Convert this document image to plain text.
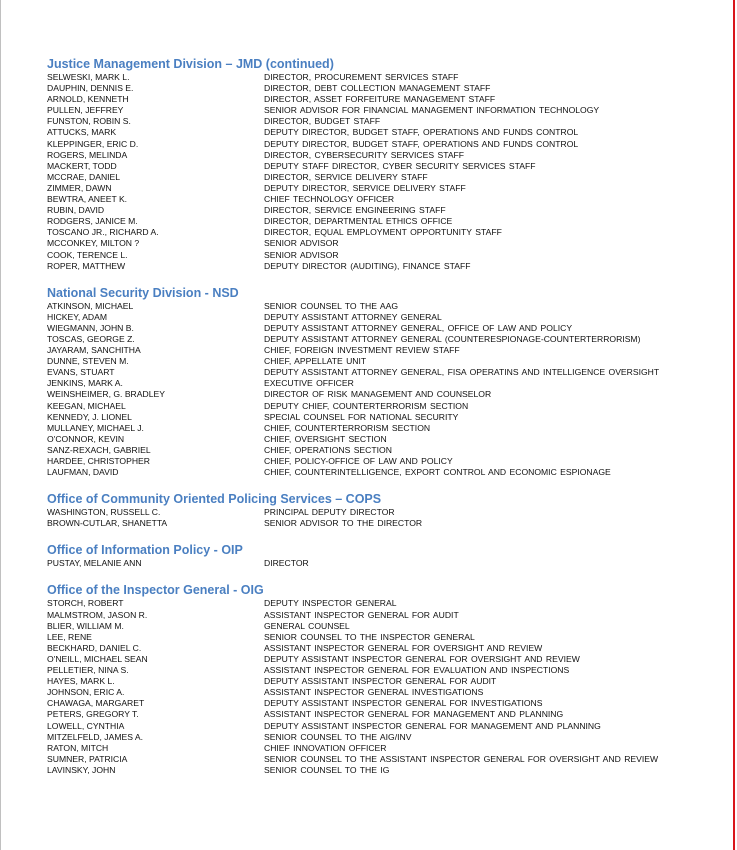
Justice Management Division – JMD (continued)
SELWESKI, MARK L.	DIRECTOR, PROCUREMENT SERVICES STAFF
DAUPHIN, DENNIS E.	DIRECTOR, DEBT COLLECTION MANAGEMENT STAFF
ARNOLD, KENNETH	DIRECTOR, ASSET FORFEITURE MANAGEMENT STAFF
PULLEN, JEFFREY	SENIOR ADVISOR FOR FINANCIAL MANAGEMENT INFORMATION TECHNOLOGY
FUNSTON, ROBIN S.	DIRECTOR, BUDGET STAFF
ATTUCKS, MARK	DEPUTY DIRECTOR, BUDGET STAFF, OPERATIONS AND FUNDS CONTROL
KLEPPINGER, ERIC D.	DEPUTY DIRECTOR, BUDGET STAFF, OPERATIONS AND FUNDS CONTROL
ROGERS, MELINDA	DIRECTOR, CYBERSECURITY SERVICES STAFF
MACKERT, TODD	DEPUTY STAFF DIRECTOR, CYBER SECURITY SERVICES STAFF
MCCRAE, DANIEL	DIRECTOR, SERVICE DELIVERY STAFF
ZIMMER, DAWN	DEPUTY DIRECTOR, SERVICE DELIVERY STAFF
BEWTRA, ANEET K.	CHIEF TECHNOLOGY OFFICER
RUBIN, DAVID	DIRECTOR, SERVICE ENGINEERING STAFF
RODGERS, JANICE M.	DIRECTOR, DEPARTMENTAL ETHICS OFFICE
TOSCANO JR., RICHARD A.	DIRECTOR, EQUAL EMPLOYMENT OPPORTUNITY STAFF
MCCONKEY, MILTON ?	SENIOR ADVISOR
COOK, TERENCE L.	SENIOR ADVISOR
ROPER, MATTHEW	DEPUTY DIRECTOR (AUDITING), FINANCE STAFF
National Security Division - NSD
ATKINSON, MICHAEL	SENIOR COUNSEL TO THE AAG
HICKEY, ADAM	DEPUTY ASSISTANT ATTORNEY GENERAL
WIEGMANN, JOHN B.	DEPUTY ASSISTANT ATTORNEY GENERAL, OFFICE OF LAW AND POLICY
TOSCAS, GEORGE Z.	DEPUTY ASSISTANT ATTORNEY GENERAL (COUNTERESPIONAGE-COUNTERTERRORISM)
JAYARAM, SANCHITHA	CHIEF, FOREIGN INVESTMENT REVIEW STAFF
DUNNE, STEVEN M.	CHIEF, APPELLATE UNIT
EVANS, STUART	DEPUTY ASSISTANT ATTORNEY GENERAL, FISA OPERATINS AND INTELLIGENCE OVERSIGHT
JENKINS, MARK A.	EXECUTIVE OFFICER
WEINSHEIMER, G. BRADLEY	DIRECTOR OF RISK MANAGEMENT AND COUNSELOR
KEEGAN, MICHAEL	DEPUTY CHIEF, COUNTERTERRORISM SECTION
KENNEDY, J. LIONEL	SPECIAL COUNSEL FOR NATIONAL SECURITY
MULLANEY, MICHAEL J.	CHIEF, COUNTERTERRORISM SECTION
O'CONNOR, KEVIN	CHIEF, OVERSIGHT SECTION
SANZ-REXACH, GABRIEL	CHIEF, OPERATIONS SECTION
HARDEE, CHRISTOPHER	CHIEF, POLICY-OFFICE OF LAW AND POLICY
LAUFMAN, DAVID	CHIEF, COUNTERINTELLIGENCE, EXPORT CONTROL AND ECONOMIC ESPIONAGE
Office of Community Oriented Policing Services – COPS
WASHINGTON, RUSSELL C.	PRINCIPAL DEPUTY DIRECTOR
BROWN-CUTLAR, SHANETTA	SENIOR ADVISOR TO THE DIRECTOR
Office of Information Policy - OIP
PUSTAY, MELANIE ANN	DIRECTOR
Office of the Inspector General - OIG
STORCH, ROBERT	DEPUTY INSPECTOR GENERAL
MALMSTROM, JASON R.	ASSISTANT INSPECTOR GENERAL FOR AUDIT
BLIER, WILLIAM M.	GENERAL COUNSEL
LEE, RENE	SENIOR COUNSEL TO THE INSPECTOR GENERAL
BECKHARD, DANIEL C.	ASSISTANT INSPECTOR GENERAL FOR OVERSIGHT AND REVIEW
O'NEILL, MICHAEL SEAN	DEPUTY ASSISTANT INSPECTOR GENERAL FOR OVERSIGHT AND REVIEW
PELLETIER, NINA S.	ASSISTANT INSPECTOR GENERAL FOR EVALUATION AND INSPECTIONS
HAYES, MARK L.	DEPUTY ASSISTANT INSPECTOR GENERAL FOR AUDIT
JOHNSON, ERIC A.	ASSISTANT INSPECTOR GENERAL INVESTIGATIONS
CHAWAGA, MARGARET	DEPUTY ASSISTANT INSPECTOR GENERAL FOR INVESTIGATIONS
PETERS, GREGORY T.	ASSISTANT INSPECTOR GENERAL FOR MANAGEMENT AND PLANNING
LOWELL, CYNTHIA	DEPUTY ASSISTANT INSPECTOR GENERAL FOR MANAGEMENT AND PLANNING
MITZELFELD, JAMES A.	SENIOR COUNSEL TO THE AIG/INV
RATON, MITCH	CHIEF INNOVATION OFFICER
SUMNER, PATRICIA	SENIOR COUNSEL TO THE ASSISTANT INSPECTOR GENERAL FOR OVERSIGHT AND REVIEW
LAVINSKY, JOHN	SENIOR COUNSEL TO THE IG
